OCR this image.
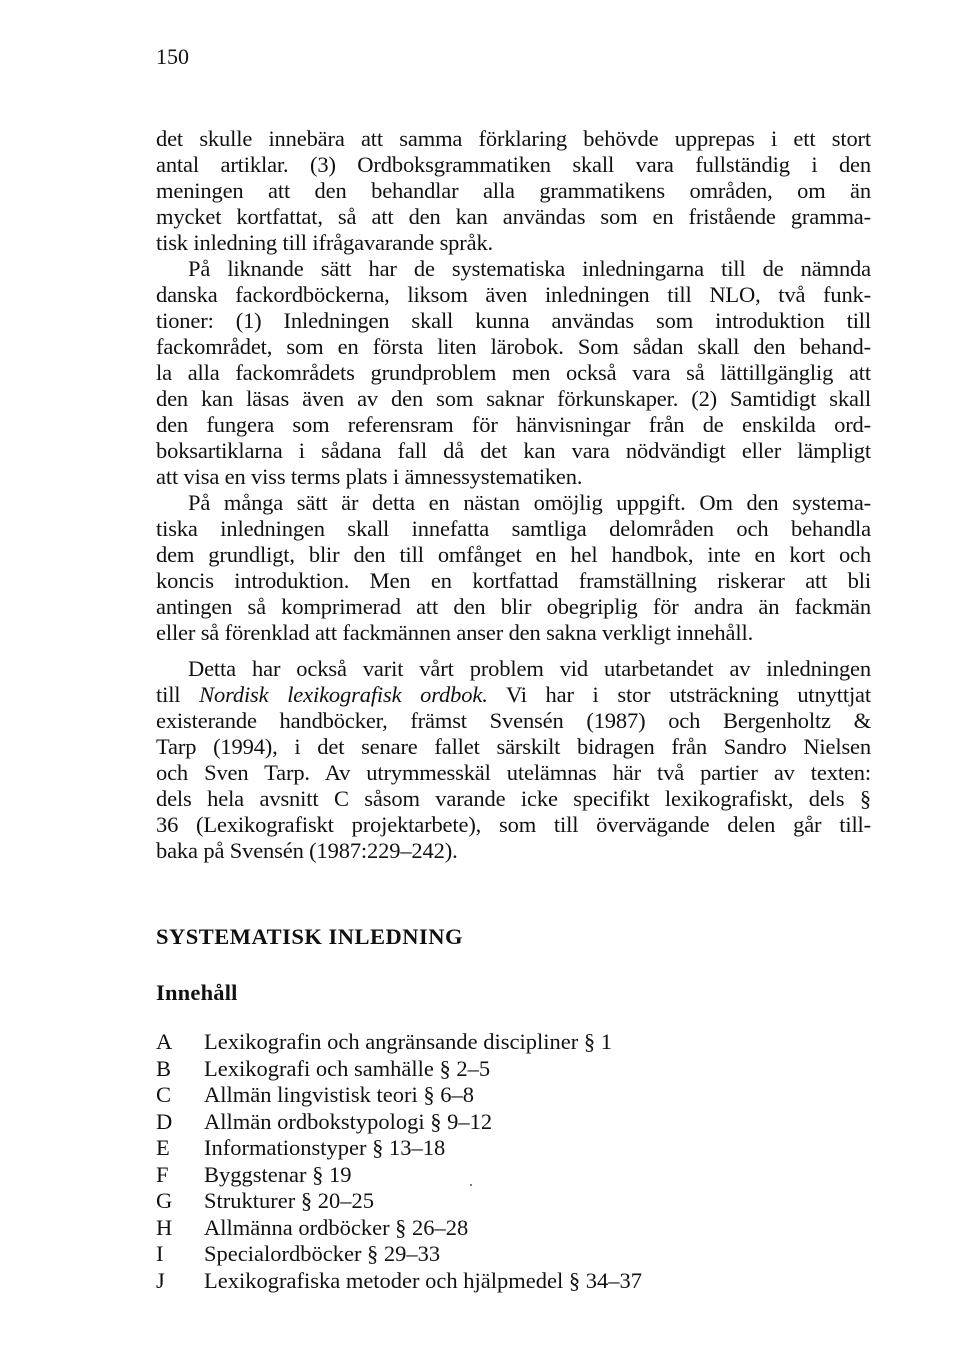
150
det skulle innebära att samma förklaring behövde upprepas i ett stort
antal artiklar. (3) Ordboksgrammatiken skall vara fullständig i den
meningen att den behandlar alla grammatikens områden, om än
mycket kortfattat, så att den kan användas som en fristående gramma-
tisk inledning till ifrågavarande språk.
På liknande sätt har de systematiska inledningarna till de nämnda
danska fackordböckerna, liksom även inledningen till NLO, två funk-
tioner: (1) Inledningen skall kunna användas som introduktion till
fackområdet, som en första liten lärobok. Som sådan skall den behand-
la alla fackområdets grundproblem men också vara så lättillgänglig att
den kan läsas även av den som saknar förkunskaper. (2) Samtidigt skall
den fungera som referensram för hänvisningar från de enskilda ord-
boksartiklarna i sådana fall då det kan vara nödvändigt eller lämpligt
att visa en viss terms plats i ämnessystematiken.
På många sätt är detta en nästan omöjlig uppgift. Om den systema-
tiska inledningen skall innefatta samtliga delområden och behandla
dem grundligt, blir den till omfånget en hel handbok, inte en kort och
koncis introduktion. Men en kortfattad framställning riskerar att bli
antingen så komprimerad att den blir obegriplig för andra än fackmän
eller så förenklad att fackmännen anser den sakna verkligt innehåll.
Detta har också varit vårt problem vid utarbetandet av inledningen
till Nordisk lexikografisk ordbok. Vi har i stor utsträckning utnyttjat
existerande handböcker, främst Svensén (1987) och Bergenholtz &
Tarp (1994), i det senare fallet särskilt bidragen från Sandro Nielsen
och Sven Tarp. Av utrymmesskäl utelämnas här två partier av texten:
dels hela avsnitt C såsom varande icke specifikt lexikografiskt, dels §
36 (Lexikografiskt projektarbete), som till övervägande delen går till-
baka på Svensén (1987:229–242).
SYSTEMATISK INLEDNING
Innehåll
A Lexikografin och angränsande discipliner § 1
B Lexikografi och samhälle § 2–5
C Allmän lingvistisk teori § 6–8
D Allmän ordbokstypologi § 9–12
E Informationstyper § 13–18
F Byggstenar § 19
G Strukturer § 20–25
H Allmänna ordböcker § 26–28
I Specialordböcker § 29–33
J Lexikografiska metoder och hjälpmedel § 34–37
